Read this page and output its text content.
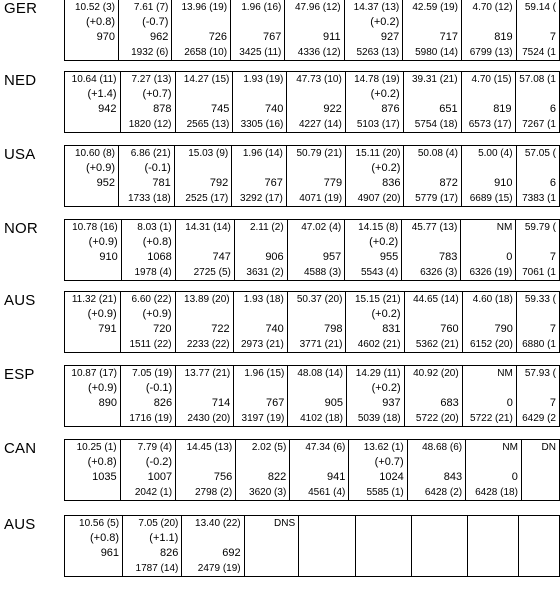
GER	10.52 (3)
(+0.8)
970

7.61 (7)
(-0.7)
962
1932 (6)

13.96 (19)
726
2658 (10)

1.96 (16)
767
3425 (11)

47.96 (12)
911
4336 (12)

14.37 (13)
(+0.2)
927
5263 (13)

42.59 (19)
717
5980 (14)

4.70 (12)
819
6799 (13)

59.14 (
7
7524 (1
NED	10.64 (11)
(+1.4)
942

7.27 (13)
(+0.7)
878
1820 (12)

14.27 (15)
745
2565 (13)

1.93 (19)
740
3305 (16)

47.73 (10)
922
4227 (14)

14.78 (19)
(+0.2)
876
5103 (17)

39.31 (21)
651
5754 (18)

4.70 (15)
819
6573 (17)

57.08 (1
6
7267 (1
USA	10.60 (8)
(+0.9)
952

6.86 (21)
(-0.1)
781
1733 (18)

15.03 (9)
792
2525 (17)

1.96 (14)
767
3292 (17)

50.79 (21)
779
4071 (19)

15.11 (20)
(+0.2)
836
4907 (20)

50.08 (4)
872
5779 (17)

5.00 (4)
910
6689 (15)

57.05 (
6
7383 (1
NOR	10.78 (16)
(+0.9)
910

8.03 (1)
(+0.8)
1068
1978 (4)

14.31 (14)
747
2725 (5)

2.11 (2)
906
3631 (2)

47.02 (4)
957
4588 (3)

14.15 (8)
(+0.2)
955
5543 (4)

45.77 (13)
783
6326 (3)

NM
0
6326 (19)

59.79 (
7
7061 (1
AUS	11.32 (21)
(+0.9)
791

6.60 (22)
(+0.9)
720
1511 (22)

13.89 (20)
722
2233 (22)

1.93 (18)
740
2973 (21)

50.37 (20)
798
3771 (21)

15.15 (21)
(+0.2)
831
4602 (21)

44.65 (14)
760
5362 (21)

4.60 (18)
790
6152 (20)

59.33 (
7
6880 (1
ESP	10.87 (17)
(+0.9)
890

7.05 (19)
(-0.1)
826
1716 (19)

13.77 (21)
714
2430 (20)

1.96 (15)
767
3197 (19)

48.08 (14)
905
4102 (18)

14.29 (11)
(+0.2)
937
5039 (18)

40.92 (20)
683
5722 (20)

NM
0
5722 (21)

57.93 (
7
6429 (2
CAN	10.25 (1)
(+0.8)
1035

7.79 (4)
(-0.2)
1007
2042 (1)

14.45 (13)
756
2798 (2)

2.02 (5)
822
3620 (3)

47.34 (6)
941
4561 (4)

13.62 (1)
(+0.7)
1024
5585 (1)

48.68 (6)
843
6428 (2)

NM
0
6428 (18)

DN
AUS	10.56 (5)
(+0.8)
961

7.05 (20)
(+1.1)
826
1787 (14)

13.40 (22)
692
2479 (19)

DNS
